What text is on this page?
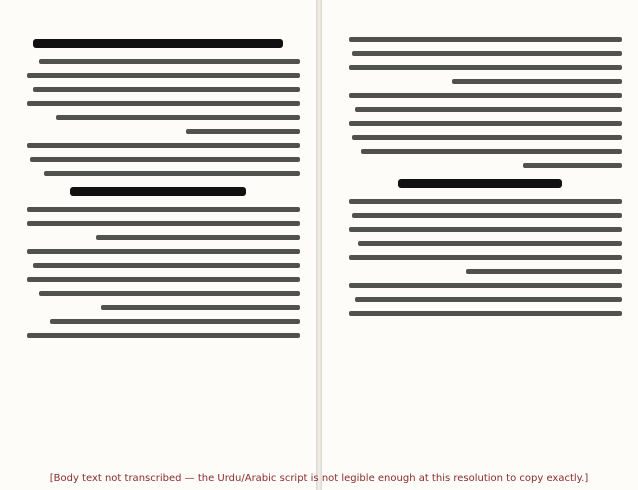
[Body text not transcribed — the Urdu/Arabic script is not legible enough at this resolution to copy exactly.]
